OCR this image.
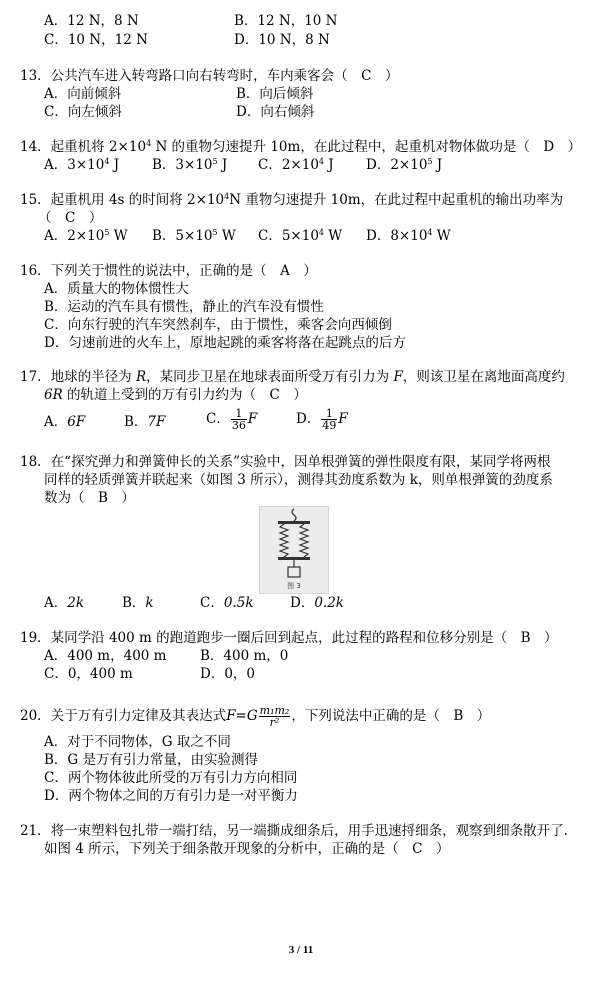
A．12 N，8 N	B．12 N，10 N
C．10 N，12 N	D．10 N，8 N
13．公共汽车进入转弯路口向右转弯时，车内乘客会（　C　）
A．向前倾斜	B．向后倾斜
C．向左倾斜	D．向右倾斜
14．起重机将 $2\times 10^4$ N 的重物匀速提升 10m，在此过程中，起重机对物体做功是（　D　）
A．$3\times 10^4$ J B．$3\times 10^5$ J C．$2\times 10^4$ J D．$2\times 10^5$ J
15．起重机用 4s 的时间将 $2\times 10^4N$ 重物匀速提升 10m，在此过程中起重机的输出功率为
（　C　）
A．$2\times 10^5$ W B．$5\times 10^5$ W C．$5\times 10^4$ W D．$8\times 10^4$ W
16．下列关于惯性的说法中，正确的是（　A　）
A．质量大的物体惯性大
B．运动的汽车具有惯性，静止的汽车没有惯性
C．向东行驶的汽车突然刹车，由于惯性，乘客会向西倾倒
D．匀速前进的火车上，原地起跳的乘客将落在起跳点的后方
17．地球的半径为 R，某同步卫星在地球表面所受万有引力为 F，则该卫星在离地面高度约
6R 的轨道上受到的万有引力约为（　C　）
A．6F	B．7F	C． $\frac{1}{36}$ F	D． $\frac{1}{49}$ F
18．在“探究弹力和弹簧伸长的关系”实验中，因单根弹簧的弹性限度有限，某同学将两根
同样的轻质弹簧并联起来（如图 3 所示），测得其劲度系数为 k，则单根弹簧的劲度系
数为（　B　）
图 3
A．2k	B．k	C．0.5k	D．0.2k
19．某同学沿 400 m 的跑道跑步一圈后回到起点，此过程的路程和位移分别是（　B　）
A．400 m，400 m B．400 m，0
C．0，400 m	D．0，0
20．关于万有引力定律及其表达式$F=G \frac{\text{m₁m₂}}{\text{r²}}$ ，下列说法中正确的是（　B　）
A．对于不同物体，G 取之不同
B．G 是万有引力常量，由实验测得
C．两个物体彼此所受的万有引力方向相同
D．两个物体之间的万有引力是一对平衡力
21．将一束塑料包扎带一端打结，另一端撕成细条后，用手迅速捋细条，观察到细条散开了.
如图 4 所示，下列关于细条散开现象的分析中，正确的是（　C　）
3 / 11
